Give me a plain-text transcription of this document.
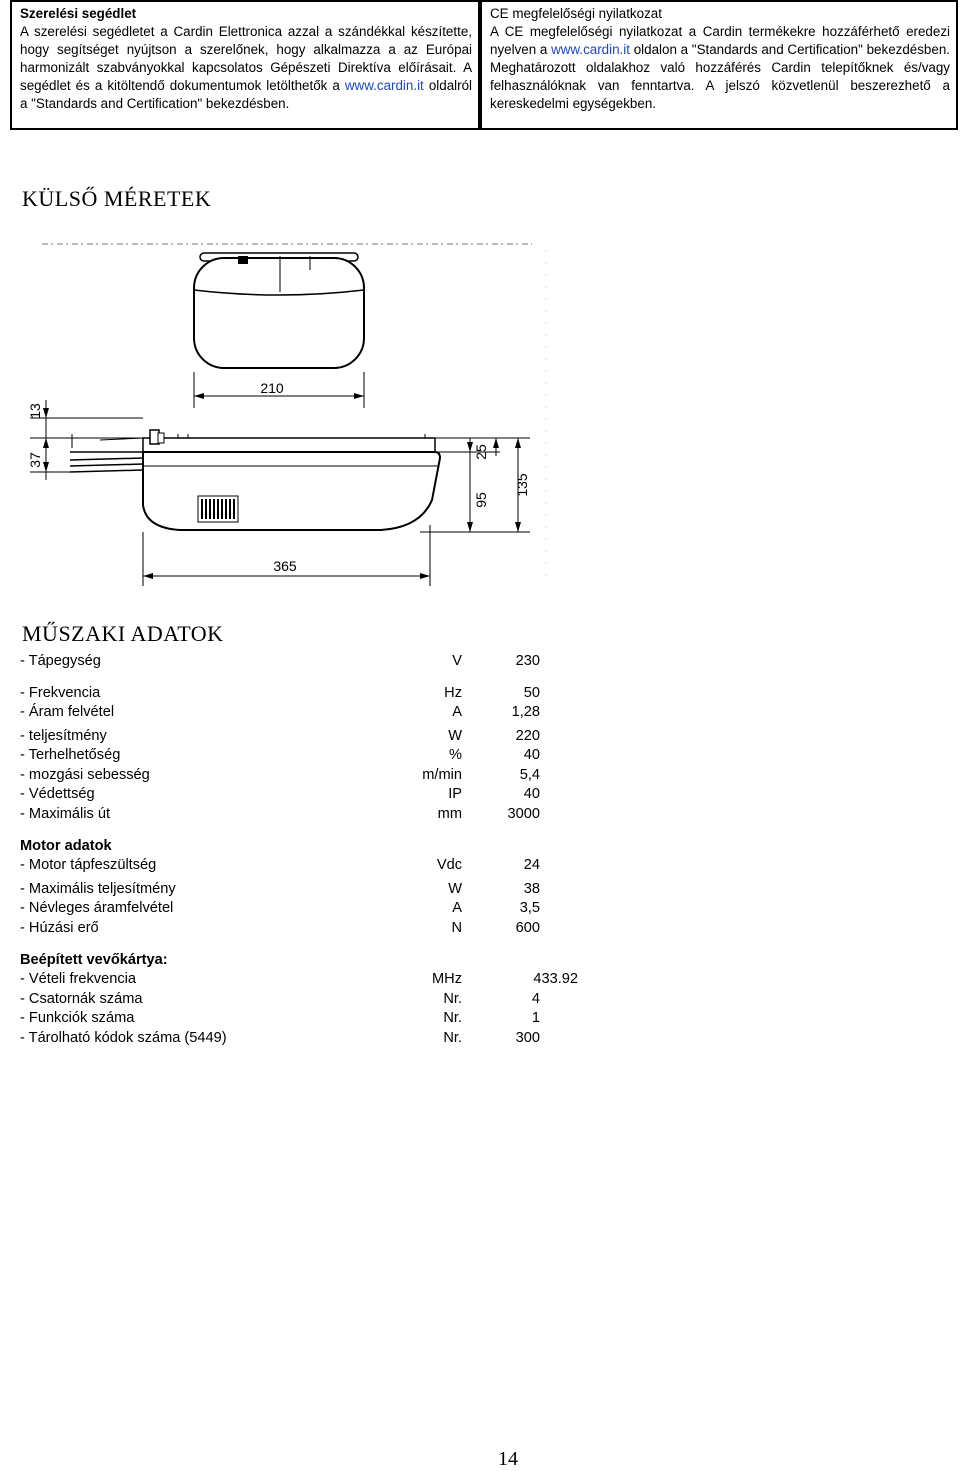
Szerelési segédlet

A szerelési segédletet a Cardin Elettronica azzal a szándékkal készítette, hogy segítséget nyújtson a szerelőnek, hogy alkalmazza a az Európai harmonizált szabványokkal kapcsolatos Gépészeti Direktíva előírásait. A segédlet és a kitöltendő dokumentumok letölthetők a www.cardin.it oldalról a "Standards and Certification" bekezdésben.

CE megfelelőségi nyilatkozat

A CE megfelelőségi nyilatkozat a Cardin termékekre hozzáférhető eredezi nyelven a www.cardin.it oldalon a "Standards and Certification" bekezdésben. Meghatározott oldalakhoz való hozzáférés Cardin telepítőknek és/vagy felhasználóknak van fenntartva. A jelszó közvetlenül beszerezhető a kereskedelmi egységekben.

KÜLSŐ MÉRETEK
210
13
37
25
95
135
365
MŰSZAKI ADATOK
- Tápegység	V	230
- Frekvencia	Hz	50
- Áram felvétel	A	1,28
- teljesítmény	W	220
- Terhelhetőség	%	40
- mozgási sebesség	m/min	5,4
- Védettség	IP	40
- Maximális út	mm	3000
Motor adatok
- Motor tápfeszültség	Vdc	24
- Maximális teljesítmény	W	38
- Névleges áramfelvétel	A	3,5
- Húzási erő	N	600
Beépített vevőkártya:
- Vételi frekvencia	MHz	433.92
- Csatornák száma	Nr.	4
- Funkciók száma	Nr.	1
- Tárolható kódok száma (5449)	Nr.	300
14
